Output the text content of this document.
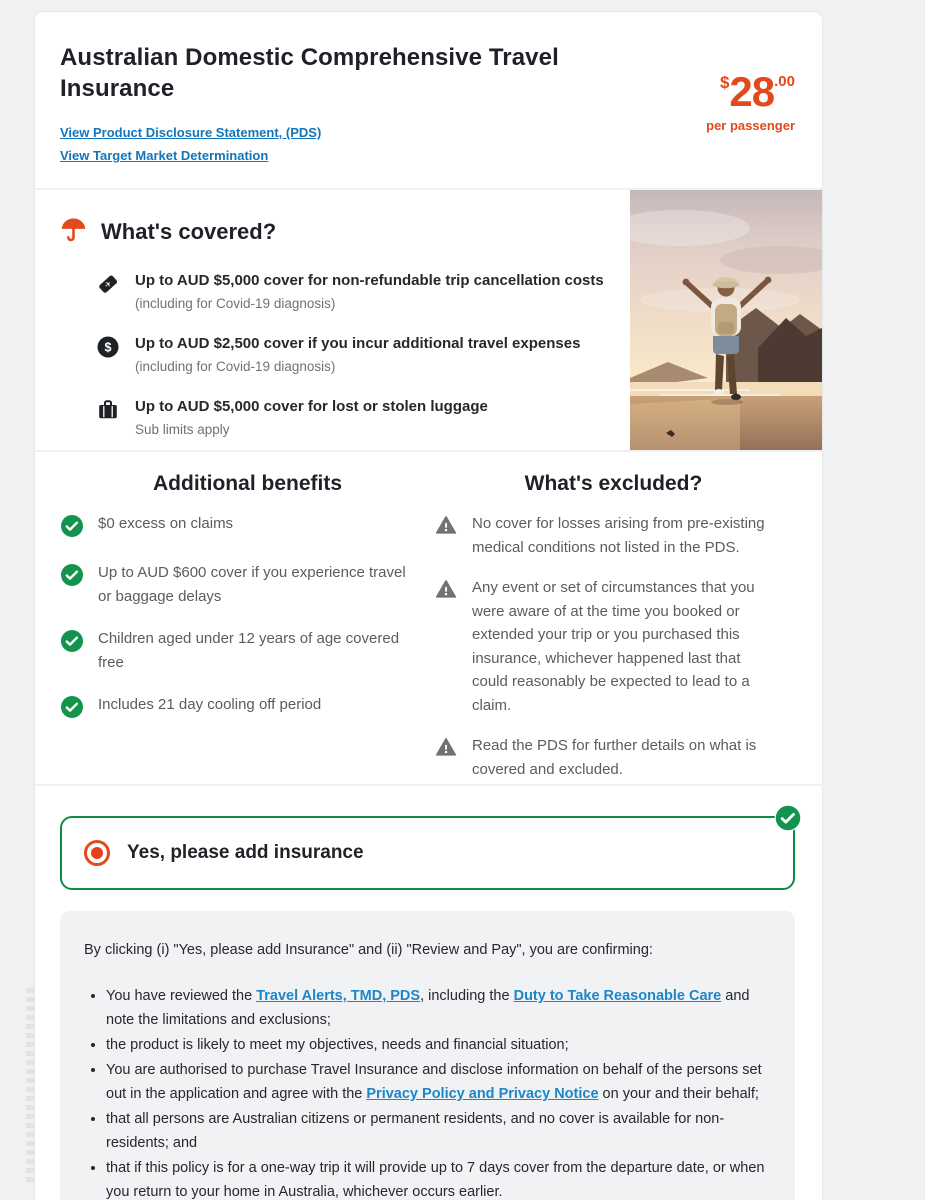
Australian Domestic Comprehensive Travel Insurance
View Product Disclosure Statement, (PDS)
View Target Market Determination
$28.00
per passenger
What's covered?
✈ Up to AUD $5,000 cover for non-refundable trip cancellation costs
(including for Covid-19 diagnosis)
$ Up to AUD $2,500 cover if you incur additional travel expenses
(including for Covid-19 diagnosis)
Up to AUD $5,000 cover for lost or stolen luggage
Sub limits apply
Additional benefits
$0 excess on claims
Up to AUD $600 cover if you experience travel or baggage delays
Children aged under 12 years of age covered free
Includes 21 day cooling off period
What's excluded?
No cover for losses arising from pre-existing medical conditions not listed in the PDS.
Any event or set of circumstances that you were aware of at the time you booked or extended your trip or you purchased this insurance, whichever happened last that could reasonably be expected to lead to a claim.
Read the PDS for further details on what is covered and excluded.
Yes, please add insurance
By clicking (i) "Yes, please add Insurance" and (ii) "Review and Pay", you are confirming:
• You have reviewed the Travel Alerts, TMD, PDS, including the Duty to Take Reasonable Care and note the limitations and exclusions;
• the product is likely to meet my objectives, needs and financial situation;
• You are authorised to purchase Travel Insurance and disclose information on behalf of the persons set out in the application and agree with the Privacy Policy and Privacy Notice on your and their behalf;
• that all persons are Australian citizens or permanent residents, and no cover is available for non-residents; and
• that if this policy is for a one-way trip it will provide up to 7 days cover from the departure date, or when you return to your home in Australia, whichever occurs earlier.
